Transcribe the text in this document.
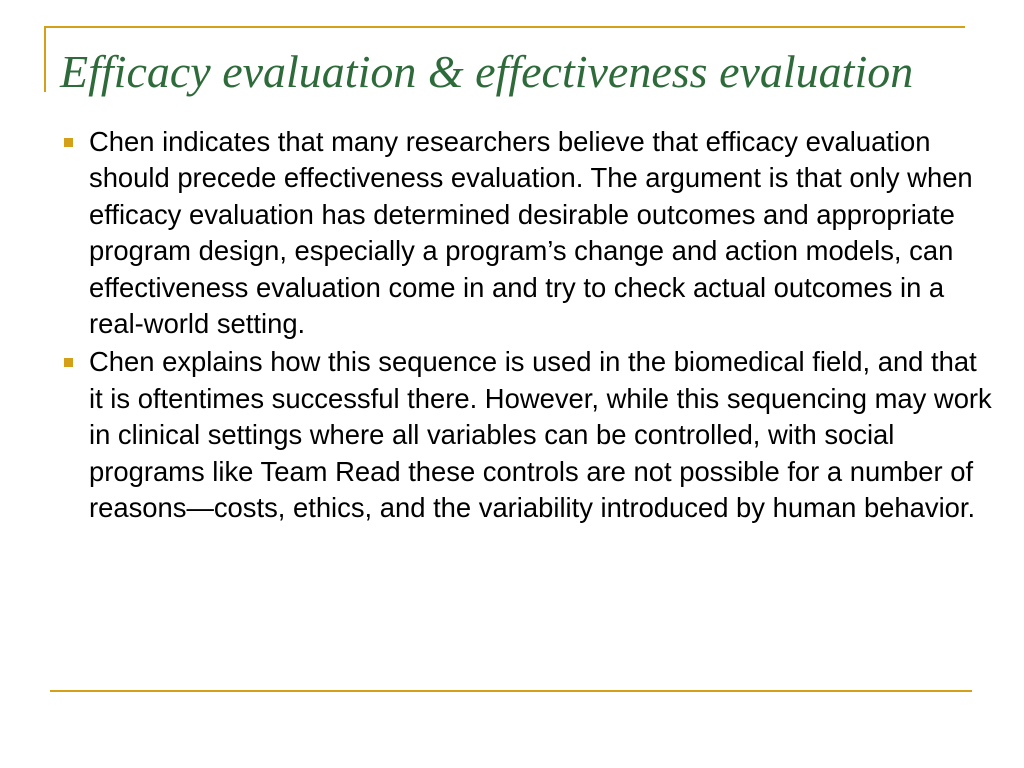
Efficacy evaluation & effectiveness evaluation
Chen indicates that many researchers believe that efficacy evaluation should precede effectiveness evaluation. The argument is that only when efficacy evaluation has determined desirable outcomes and appropriate program design, especially a program’s change and action models, can effectiveness evaluation come in and try to check actual outcomes in a real-world setting.
Chen explains how this sequence is used in the biomedical field, and that it is oftentimes successful there. However, while this sequencing may work in clinical settings where all variables can be controlled, with social programs like Team Read these controls are not possible for a number of reasons—costs, ethics, and the variability introduced by human behavior.
